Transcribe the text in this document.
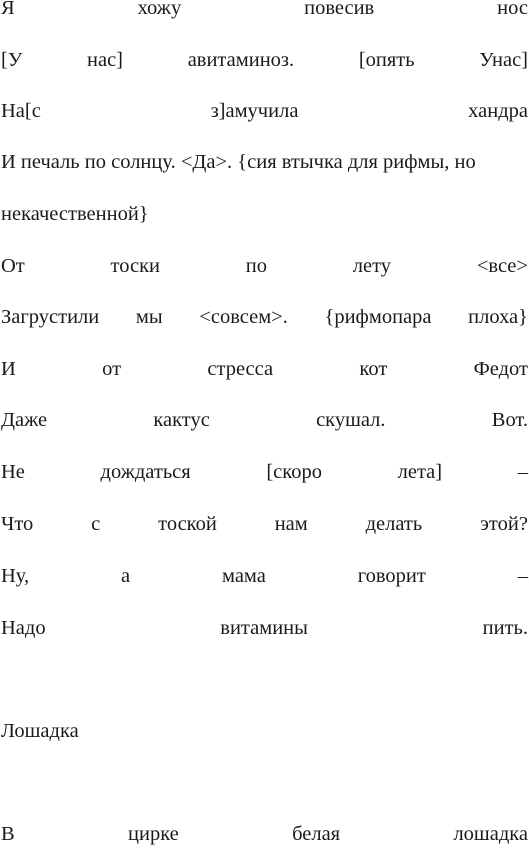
Я	хожу	повесив	нос
[У	нас]	авитаминоз.	[опять	Унас]
На[с	з]амучила	хандра
И печаль по солнцу. <Да>. {сия втычка для рифмы, но
некачественной}
От	тоски	по	лету	<все>
Загрустили мы <совсем>. {рифмопара плоха}
И	от	стресса	кот	Федот
Даже	кактус	скушал.	Вот.
Не	дождаться	[скоро	лета]	–
Что	с	тоской	нам	делать	этой?
Ну,	а	мама	говорит	–
Надо	витамины	пить.
Лошадка
В	цирке	белая	лошадка
